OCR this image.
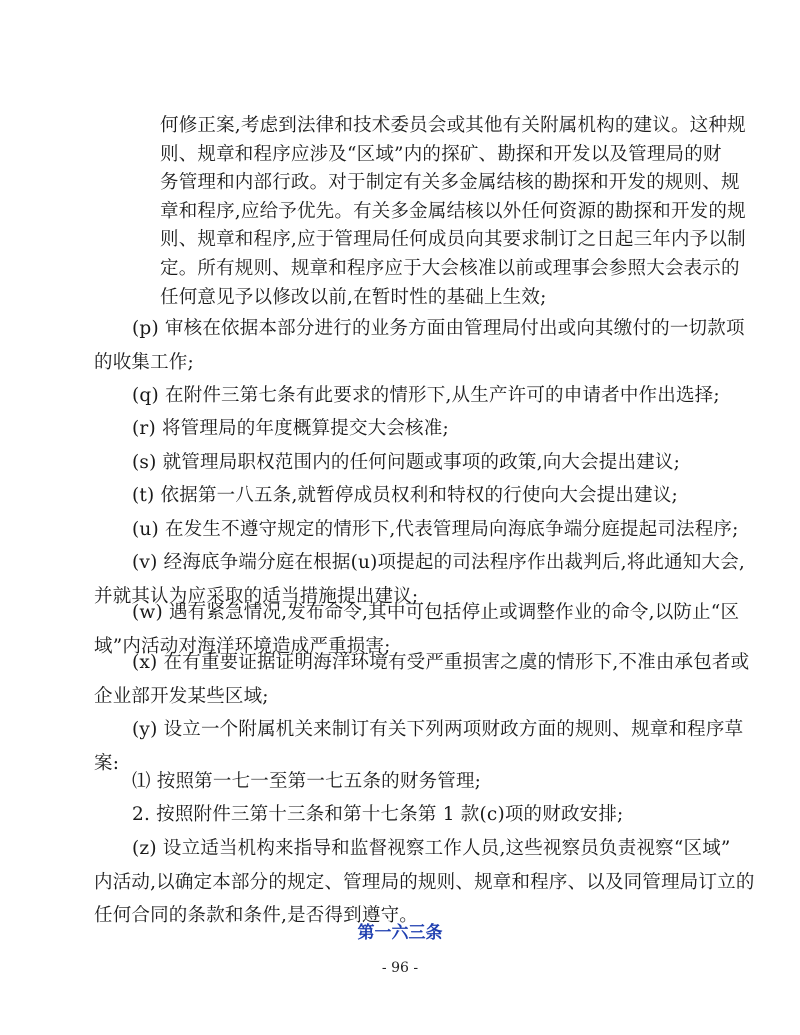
何修正案,考虑到法律和技术委员会或其他有关附属机构的建议。这种规
则、规章和程序应涉及“区域”内的探矿、勘探和开发以及管理局的财
务管理和内部行政。对于制定有关多金属结核的勘探和开发的规则、规
章和程序,应给予优先。有关多金属结核以外任何资源的勘探和开发的规
则、规章和程序,应于管理局任何成员向其要求制订之日起三年内予以制
定。所有规则、规章和程序应于大会核准以前或理事会参照大会表示的
任何意见予以修改以前,在暂时性的基础上生效;
(p) 审核在依据本部分进行的业务方面由管理局付出或向其缴付的一切款项
的收集工作;
(q) 在附件三第七条有此要求的情形下,从生产许可的申请者中作出选择;
(r) 将管理局的年度概算提交大会核准;
(s) 就管理局职权范围内的任何问题或事项的政策,向大会提出建议;
(t) 依据第一八五条,就暂停成员权利和特权的行使向大会提出建议;
(u) 在发生不遵守规定的情形下,代表管理局向海底争端分庭提起司法程序;
(v) 经海底争端分庭在根据(u)项提起的司法程序作出裁判后,将此通知大会,
并就其认为应采取的适当措施提出建议;
(w) 遇有紧急情况,发布命令,其中可包括停止或调整作业的命令,以防止“区
域”内活动对海洋环境造成严重损害;
(x) 在有重要证据证明海洋环境有受严重损害之虞的情形下,不准由承包者或
企业部开发某些区域;
(y) 设立一个附属机关来制订有关下列两项财政方面的规则、规章和程序草
案:
⑴ 按照第一七一至第一七五条的财务管理;
2. 按照附件三第十三条和第十七条第 1 款(c)项的财政安排;
第一六三条
- 96 -
(z) 设立适当机构来指导和监督视察工作人员,这些视察员负责视察“区域”
内活动,以确定本部分的规定、管理局的规则、规章和程序、以及同管理局订立的
任何合同的条款和条件,是否得到遵守。
